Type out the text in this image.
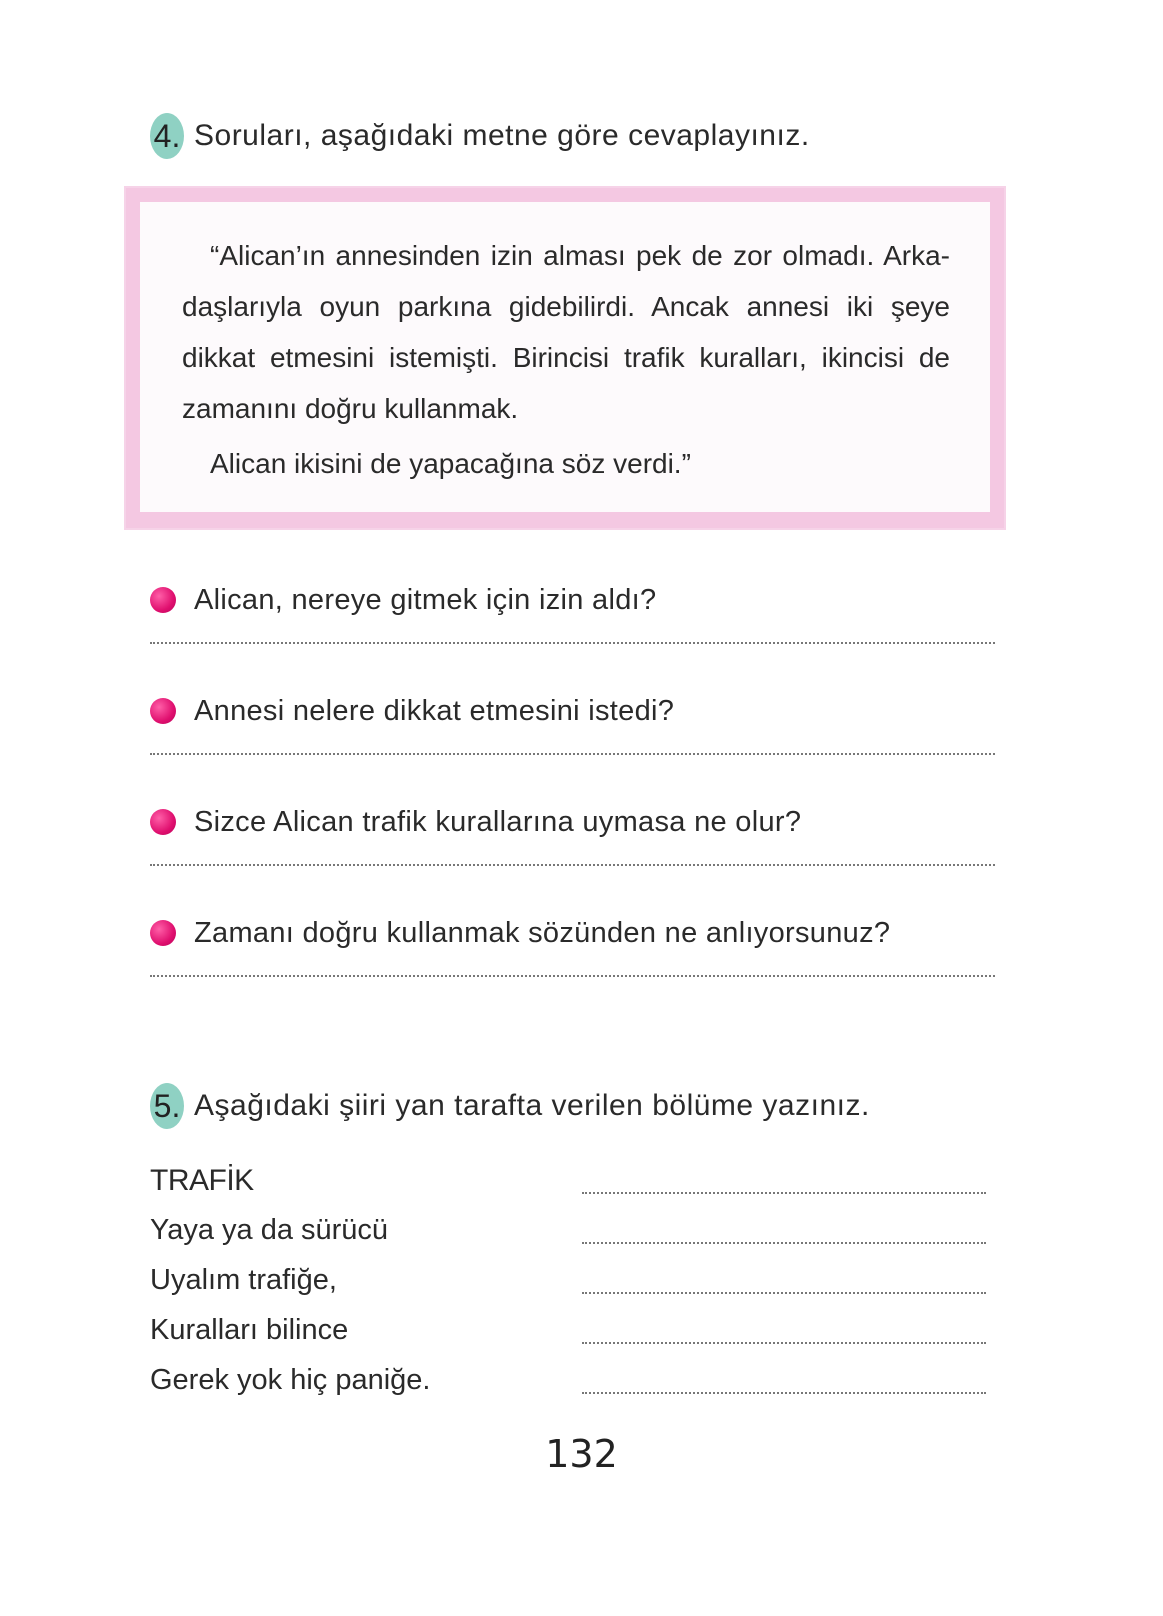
4. Soruları, aşağıdaki metne göre cevaplayınız.

“Alican’ın annesinden izin alması pek de zor olmadı. Arka-daşlarıyla oyun parkına gidebilirdi. Ancak annesi iki şeye dikkat etmesini istemişti. Birincisi trafik kuralları, ikincisi de zamanını doğru kullanmak.

Alican ikisini de yapacağına söz verdi.”

Alican, nereye gitmek için izin aldı?
Annesi nelere dikkat etmesini istedi?
Sizce Alican trafik kurallarına uymasa ne olur?
Zamanı doğru kullanmak sözünden ne anlıyorsunuz?
5. Aşağıdaki şiiri yan tarafta verilen bölüme yazınız.
TRAFİK
Yaya ya da sürücü
Uyalım trafiğe,
Kuralları bilince
Gerek yok hiç paniğe.
132
